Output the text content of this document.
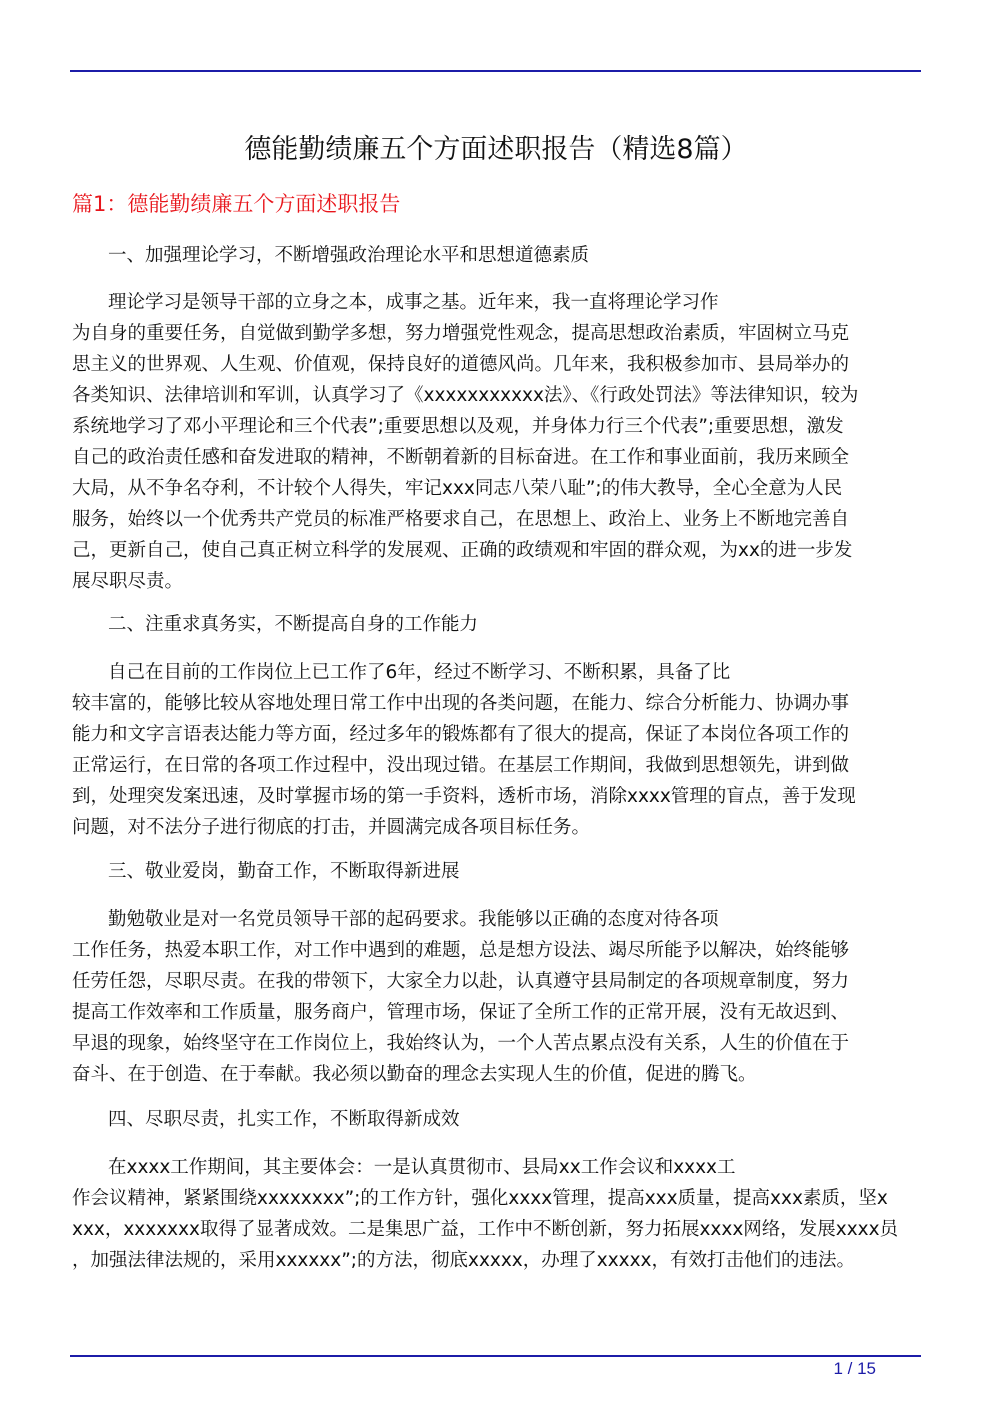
德能勤绩廉五个方面述职报告（精选8篇）
篇1：德能勤绩廉五个方面述职报告
一、加强理论学习，不断增强政治理论水平和思想道德素质
理论学习是领导干部的立身之本，成事之基。近年来，我一直将理论学习作
为自身的重要任务，自觉做到勤学多想，努力增强党性观念，提高思想政治素质，牢固树立马克
思主义的世界观、人生观、价值观，保持良好的道德风尚。几年来，我积极参加市、县局举办的
各类知识、法律培训和军训，认真学习了《xxxxxxxxxxx法》、《行政处罚法》等法律知识，较为
系统地学习了邓小平理论和三个代表”;重要思想以及观，并身体力行三个代表”;重要思想，激发
自己的政治责任感和奋发进取的精神，不断朝着新的目标奋进。在工作和事业面前，我历来顾全
大局，从不争名夺利，不计较个人得失，牢记xxx同志八荣八耻”;的伟大教导，全心全意为人民
服务，始终以一个优秀共产党员的标准严格要求自己，在思想上、政治上、业务上不断地完善自
己，更新自己，使自己真正树立科学的发展观、正确的政绩观和牢固的群众观，为xx的进一步发
展尽职尽责。
二、注重求真务实，不断提高自身的工作能力
自己在目前的工作岗位上已工作了6年，经过不断学习、不断积累，具备了比
较丰富的，能够比较从容地处理日常工作中出现的各类问题，在能力、综合分析能力、协调办事
能力和文字言语表达能力等方面，经过多年的锻炼都有了很大的提高，保证了本岗位各项工作的
正常运行，在日常的各项工作过程中，没出现过错。在基层工作期间，我做到思想领先，讲到做
到，处理突发案迅速，及时掌握市场的第一手资料，透析市场，消除xxxx管理的盲点，善于发现
问题，对不法分子进行彻底的打击，并圆满完成各项目标任务。
三、敬业爱岗，勤奋工作，不断取得新进展
勤勉敬业是对一名党员领导干部的起码要求。我能够以正确的态度对待各项
工作任务，热爱本职工作，对工作中遇到的难题，总是想方设法、竭尽所能予以解决，始终能够
任劳任怨，尽职尽责。在我的带领下，大家全力以赴，认真遵守县局制定的各项规章制度，努力
提高工作效率和工作质量，服务商户，管理市场，保证了全所工作的正常开展，没有无故迟到、
早退的现象，始终坚守在工作岗位上，我始终认为，一个人苦点累点没有关系，人生的价值在于
奋斗、在于创造、在于奉献。我必须以勤奋的理念去实现人生的价值，促进的腾飞。
四、尽职尽责，扎实工作，不断取得新成效
在xxxx工作期间，其主要体会：一是认真贯彻市、县局xx工作会议和xxxx工
作会议精神，紧紧围绕xxxxxxxx”;的工作方针，强化xxxx管理，提高xxx质量，提高xxx素质，坚x
xxx，xxxxxxx取得了显著成效。二是集思广益，工作中不断创新，努力拓展xxxx网络，发展xxxx员
，加强法律法规的，采用xxxxxx”;的方法，彻底xxxxx，办理了xxxxx，有效打击他们的违法。
1 / 15
